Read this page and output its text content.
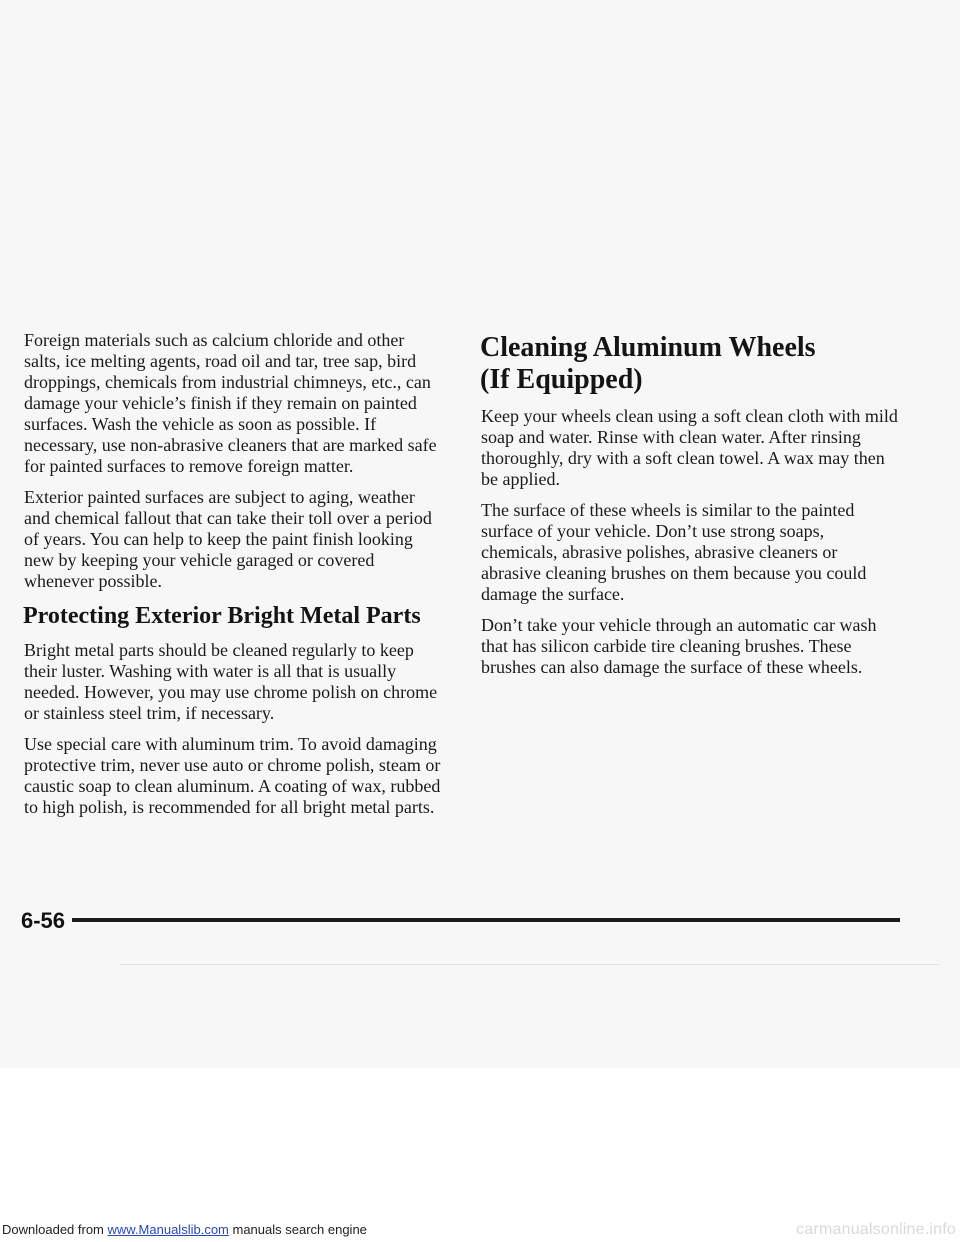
Foreign materials such as calcium chloride and other salts, ice melting agents, road oil and tar, tree sap, bird droppings, chemicals from industrial chimneys, etc., can damage your vehicle’s finish if they remain on painted surfaces. Wash the vehicle as soon as possible. If necessary, use non-abrasive cleaners that are marked safe for painted surfaces to remove foreign matter.

Exterior painted surfaces are subject to aging, weather and chemical fallout that can take their toll over a period of years. You can help to keep the paint finish looking new by keeping your vehicle garaged or covered whenever possible.

Protecting Exterior Bright Metal Parts

Bright metal parts should be cleaned regularly to keep their luster. Washing with water is all that is usually needed. However, you may use chrome polish on chrome or stainless steel trim, if necessary.

Use special care with aluminum trim. To avoid damaging protective trim, never use auto or chrome polish, steam or caustic soap to clean aluminum. A coating of wax, rubbed to high polish, is recommended for all bright metal parts.

Cleaning Aluminum Wheels
(If Equipped)

Keep your wheels clean using a soft clean cloth with mild soap and water. Rinse with clean water. After rinsing thoroughly, dry with a soft clean towel. A wax may then be applied.

The surface of these wheels is similar to the painted surface of your vehicle. Don’t use strong soaps, chemicals, abrasive polishes, abrasive cleaners or abrasive cleaning brushes on them because you could damage the surface.

Don’t take your vehicle through an automatic car wash that has silicon carbide tire cleaning brushes. These brushes can also damage the surface of these wheels.

6-56
Downloaded from www.Manualslib.com manuals search engine	carmanualsonline.info
